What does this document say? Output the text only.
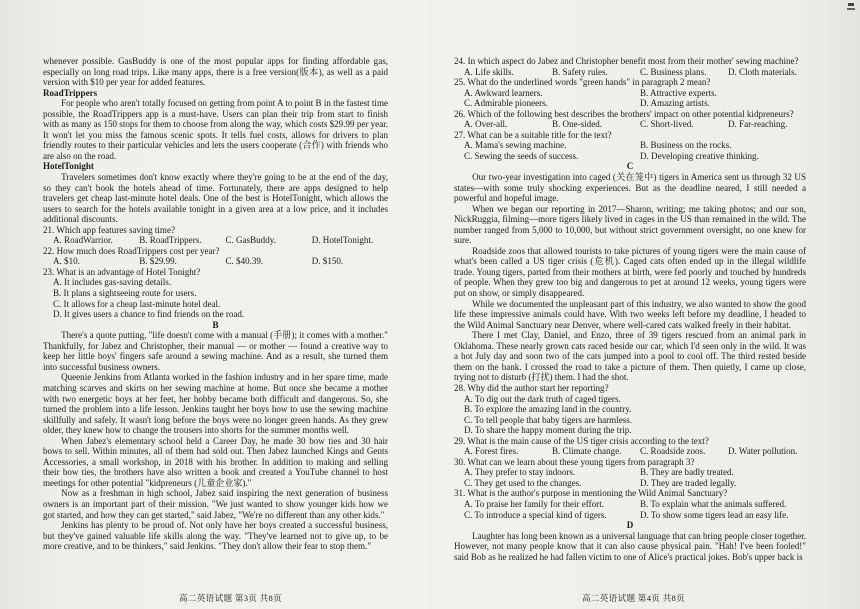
whenever possible. GasBuddy is one of the most popular apps for finding affordable gas, especially on long road trips. Like many apps, there is a free version(版本), as well as a paid version with $10 per year for added features.

RoadTrippers

For people who aren't totally focused on getting from point A to point B in the fastest time possible, the RoadTrippers app is a must-have. Users can plan their trip from start to finish with as many as 150 stops for them to choose from along the way, which costs $29.99 per year. It won't let you miss the famous scenic spots. It tells fuel costs, allows for drivers to plan friendly routes to their particular vehicles and lets the users cooperate (合作) with friends who are also on the road.

HotelTonight

Travelers sometimes don't know exactly where they're going to be at the end of the day, so they can't book the hotels ahead of time. Fortunately, there are apps designed to help travelers get cheap last-minute hotel deals. One of the best is HotelTonight, which allows the users to search for the hotels available tonight in a given area at a low price, and it includes additional discounts.

21. Which app features saving time?

A. RoadWarrior.	B. RoadTrippers.	C. GasBuddy.	D. HotelTonight.

22. How much does RoadTrippers cost per year?

A. $10.	B. $29.99.	C. $40.39.	D. $150.

23. What is an advantage of Hotel Tonight?

A. It includes gas-saving details.

B. It plans a sightseeing route for users.

C. It allows for a cheap last-minute hotel deal.

D. It gives users a chance to find friends on the road.

B

There's a quote putting, "life doesn't come with a manual (手册); it comes with a mother." Thankfully, for Jabez and Christopher, their manual — or mother — found a creative way to keep her little boys' fingers safe around a sewing machine. And as a result, she turned them into successful business owners.

Queenie Jenkins from Atlanta worked in the fashion industry and in her spare time, made matching scarves and skirts on her sewing machine at home. But once she became a mother with two energetic boys at her feet, her hobby became both difficult and dangerous. So, she turned the problem into a life lesson. Jenkins taught her boys how to use the sewing machine skillfully and safely. It wasn't long before the boys were no longer green hands. As they grew older, they knew how to change the trousers into shorts for the summer months well.

When Jabez's elementary school held a Career Day, he made 30 bow ties and 30 hair bows to sell. Within minutes, all of them had sold out. Then Jabez launched Kings and Gents Accessories, a small workshop, in 2018 with his brother. In addition to making and selling their bow ties, the brothers have also written a book and created a YouTube channel to host meetings for other potential "kidpreneurs (儿童企业家)."

Now as a freshman in high school, Jabez said inspiring the next generation of business owners is an important part of their mission. "We just wanted to show younger kids how we got started, and how they can get started," said Jabez, "We're no different than any other kids."

Jenkins has plenty to be proud of. Not only have her boys created a successful business, but they've gained valuable life skills along the way. "They've learned not to give up, to be more creative, and to be thinkers," said Jenkins. "They don't allow their fear to stop them."

24. In which aspect do Jabez and Christopher benefit most from their mother' sewing machine?

A. Life skills.	B. Safety rules.	C. Business plans.	D. Cloth materials.

25. What do the underlined words "green hands" in paragraph 2 mean?

A. Awkward learners.	B. Attractive experts.
C. Admirable pioneers.	D. Amazing artists.

26. Which of the following best describes the brothers' impact on other potential kidpreneurs?

A. Over-all.	B. One-sided.	C. Short-lived.	D. Far-reaching.

27. What can be a suitable title for the text?

A. Mama's sewing machine.	B. Business on the rocks.
C. Sewing the seeds of success.	D. Developing creative thinking.

C

Our two-year investigation into caged (关在笼中) tigers in America sent us through 32 US states—with some truly shocking experiences. But as the deadline neared, I still needed a powerful and hopeful image.

When we began our reporting in 2017—Sharon, writing; me taking photos; and our son, NickRuggia, filming—more tigers likely lived in cages in the US than remained in the wild. The number ranged from 5,000 to 10,000, but without strict government oversight, no one knew for sure.

Roadside zoos that allowed tourists to take pictures of young tigers were the main cause of what's been called a US tiger crisis (危机). Caged cats often ended up in the illegal wildlife trade. Young tigers, parted from their mothers at birth, were fed poorly and touched by hundreds of people. When they grew too big and dangerous to pet at around 12 weeks, young tigers were put on show, or simply disappeared.

While we documented the unpleasant part of this industry, we also wanted to show the good life these impressive animals could have. With two weeks left before my deadline, I headed to the Wild Animal Sanctuary near Denver, where well-cared cats walked freely in their habitat.

There I met Clay, Daniel, and Enzo, three of 39 tigers rescued from an animal park in Oklahoma. These nearly grown cats raced beside our car, which I'd seen only in the wild. It was a hot July day and soon two of the cats jumped into a pool to cool off. The third rested beside them on the bank. I crossed the road to take a picture of them. Then quietly, I came up close, trying not to disturb (打扰) them. I had the shot.

28. Why did the author start her reporting?

A. To dig out the dark truth of caged tigers.

B. To explore the amazing land in the country.

C. To tell people that baby tigers are harmless.

D. To share the happy moment during the trip.

29. What is the main cause of the US tiger crisis according to the text?

A. Forest fires.	B. Climate change.	C. Roadside zoos.	D. Water pollution.

30. What can we learn about these young tigers from paragraph 3?

A. They prefer to stay indoors.	B. They are badly treated.
C. They get used to the changes.	D. They are traded legally.

31. What is the author's purpose in mentioning the Wild Animal Sanctuary?

A. To praise her family for their effort.	B. To explain what the animals suffered.
C. To introduce a special kind of tigers.	D. To show some tigers lead an easy life.

D

Laughter has long been known as a universal language that can bring people closer together. However, not many people know that it can also cause physical pain. "Hah! I've been fooled!" said Bob as he realized he had fallen victim to one of Alice's practical jokes. Bob's upper back is

高二英语试题 第3页 共8页	高二英语试题 第4页 共8页
